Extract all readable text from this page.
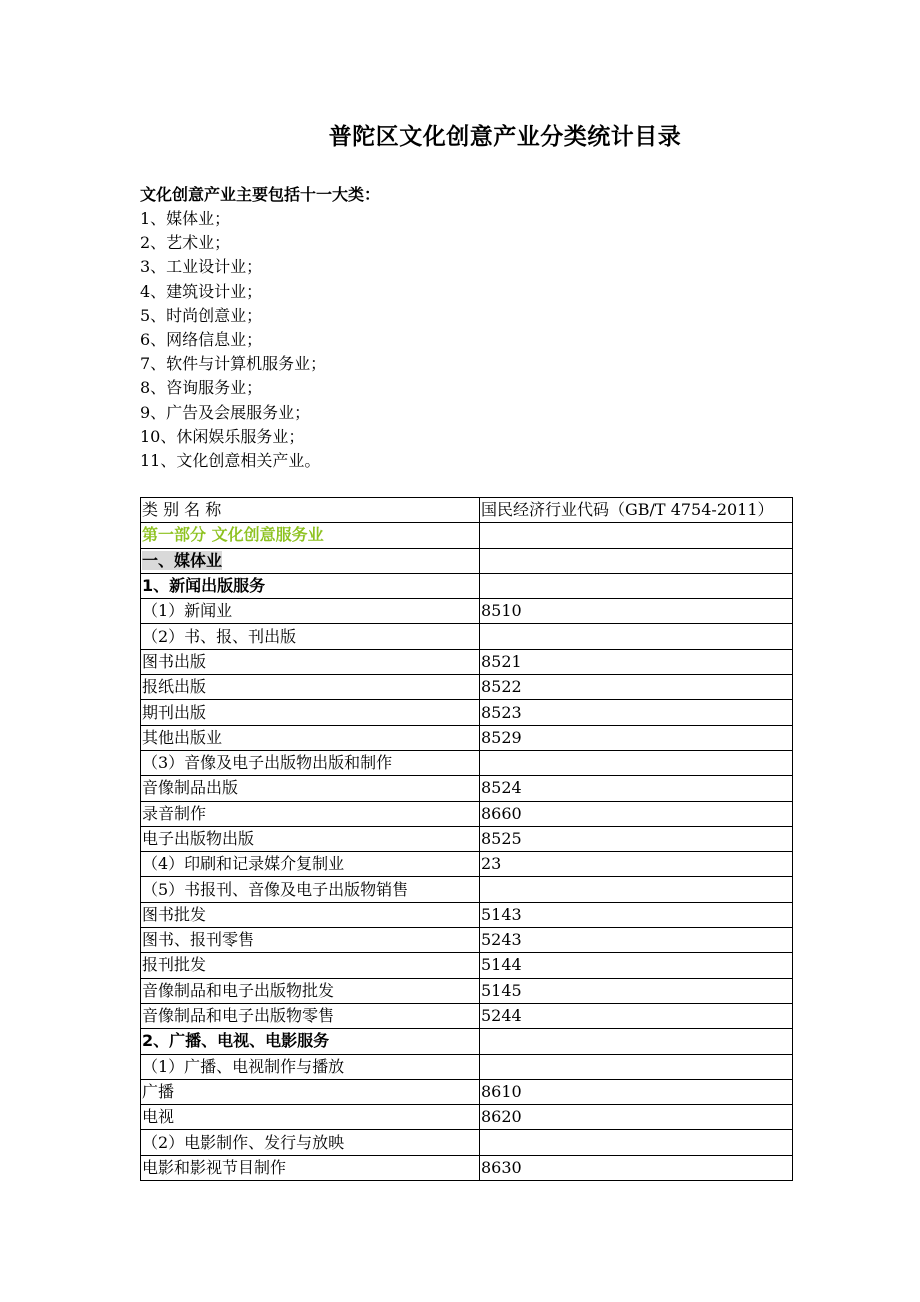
普陀区文化创意产业分类统计目录
文化创意产业主要包括十一大类：
1、媒体业；
2、艺术业；
3、工业设计业；
4、建筑设计业；
5、时尚创意业；
6、网络信息业；
7、软件与计算机服务业；
8、咨询服务业；
9、广告及会展服务业；
10、休闲娱乐服务业；
11、文化创意相关产业。
类 别 名 称	国民经济行业代码（GB/T 4754-2011）
第一部分 文化创意服务业	
一、媒体业	
1、新闻出版服务	
（1）新闻业	8510
（2）书、报、刊出版	
图书出版	8521
报纸出版	8522
期刊出版	8523
其他出版业	8529
（3）音像及电子出版物出版和制作	
音像制品出版	8524
录音制作	8660
电子出版物出版	8525
（4）印刷和记录媒介复制业	23
（5）书报刊、音像及电子出版物销售	
图书批发	5143
图书、报刊零售	5243
报刊批发	5144
音像制品和电子出版物批发	5145
音像制品和电子出版物零售	5244
2、广播、电视、电影服务	
（1）广播、电视制作与播放	
广播	8610
电视	8620
（2）电影制作、发行与放映	
电影和影视节目制作	8630
